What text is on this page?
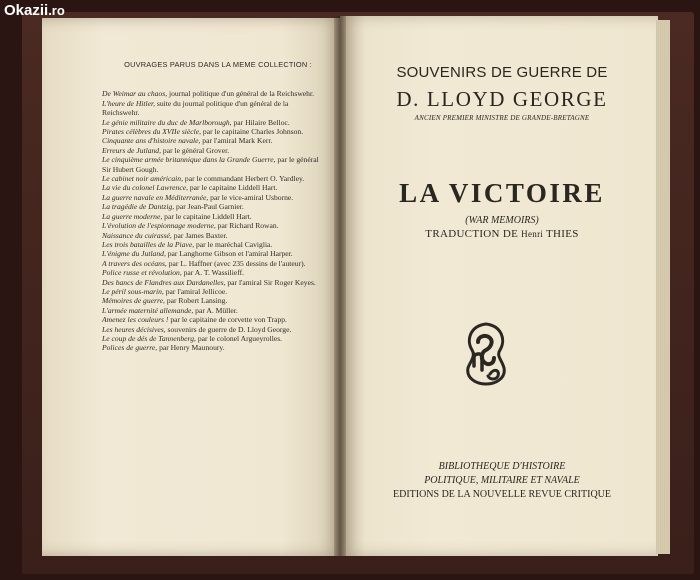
Okazii.ro
OUVRAGES PARUS DANS LA MEME COLLECTION :
De Weimar au chaos, journal politique d'un général de la Reichswehr.
L'heure de Hitler, suite du journal politique d'un général de la Reichswehr.
Le génie militaire du duc de Marlborough, par Hilaire Belloc.
Pirates célèbres du XVIIe siècle, par le capitaine Charles Johnson.
Cinquante ans d'histoire navale, par l'amiral Mark Kerr.
Erreurs de Jutland, par le général Grover.
Le cinquième armée britannique dans la Grande Guerre, par le général Sir Hubert Gough.
Le cabinet noir américain, par le commandant Herbert O. Yardley.
La vie du colonel Lawrence, par le capitaine Liddell Hart.
La guerre navale en Méditerranée, par le vice-amiral Usborne.
La tragédie de Dantzig, par Jean-Paul Garnier.
La guerre moderne, par le capitaine Liddell Hart.
L'évolution de l'espionnage moderne, par Richard Rowan.
Naissance du cuirassé, par James Baxter.
Les trois batailles de la Piave, par le maréchal Caviglia.
L'énigme du Jutland, par Langhorne Gibson et l'amiral Harper.
A travers des océans, par L. Haffner (avec 235 dessins de l'auteur).
Police russe et révolution, par A. T. Wassilieff.
Des bancs de Flandres aux Dardanelles, par l'amiral Sir Roger Keyes.
Le péril sous-marin, par l'amiral Jellicoe.
Mémoires de guerre, par Robert Lansing.
L'armée maternité allemande, par A. Müller.
Amenez les couleurs ! par le capitaine de corvette von Trapp.
Les heures décisives, souvenirs de guerre de D. Lloyd George.
Le coup de dés de Tannenberg, par le colonel Argueyrolles.
Polices de guerre, par Henry Maunoury.
SOUVENIRS DE GUERRE DE
D. LLOYD GEORGE
ANCIEN PREMIER MINISTRE DE GRANDE-BRETAGNE
LA VICTOIRE
(WAR MEMOIRS)
TRADUCTION DE Henri THIES
BIBLIOTHEQUE D'HISTOIRE
POLITIQUE, MILITAIRE ET NAVALE
EDITIONS DE LA NOUVELLE REVUE CRITIQUE
